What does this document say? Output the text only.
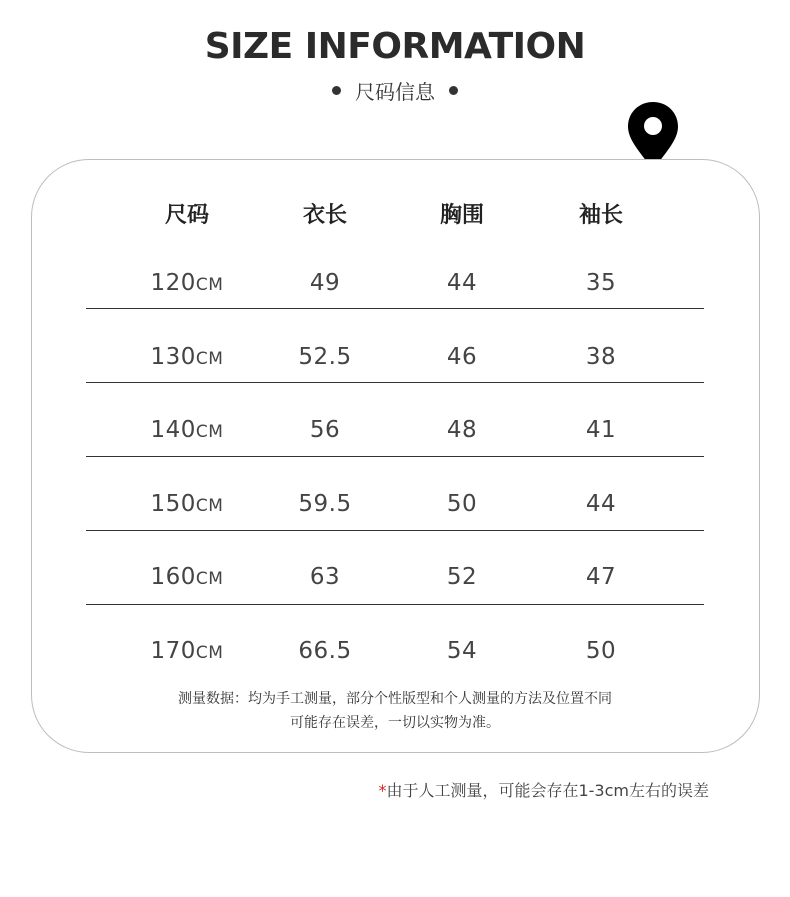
SIZE INFORMATION
尺码信息
尺码	衣长	胸围	袖长
120CM	49	44	35
130CM	52.5	46	38
140CM	56	48	41
150CM	59.5	50	44
160CM	63	52	47
170CM	66.5	54	50
测量数据：均为手工测量，部分个性版型和个人测量的方法及位置不同
可能存在误差，一切以实物为准。
*由于人工测量，可能会存在1-3cm左右的误差
